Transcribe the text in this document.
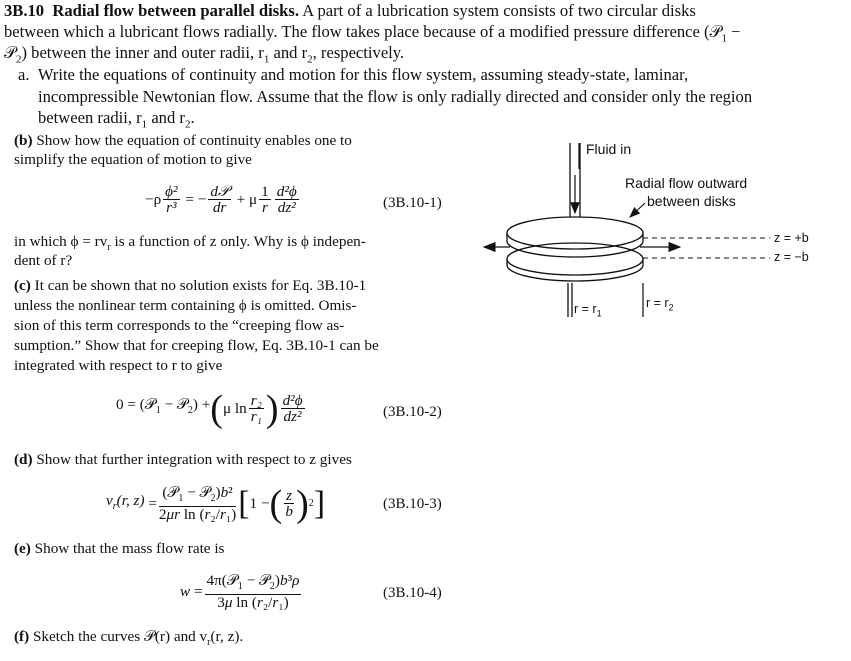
3B.10 Radial flow between parallel disks. A part of a lubrication system consists of two circular disks
between which a lubricant flows radially. The flow takes place because of a modified pressure difference (𝒫$_1$ −
𝒫$_2$) between the inner and outer radii, $r_1$ and $r_2$, respectively.
a. Write the equations of continuity and motion for this flow system, assuming steady-state, laminar,
incompressible Newtonian flow. Assume that the flow is only radially directed and consider only the region
between radii, $r_1$ and $r_2$.
(b) Show how the equation of continuity enables one to
simplify the equation of motion to give
$-\rho \frac{\text{ϕ²}}{\text{r³}}$ = − $\frac{\text{d𝒫}}{dr} + \mu \frac{1}{r} \frac{\text{d²ϕ}}{\text{dz²}}$	(3B.10-1)
in which $\phi = rv_r$ is a function of z only. Why is ϕ indepen-
dent of r?
(c) It can be shown that no solution exists for Eq. 3B.10-1
unless the nonlinear term containing ϕ is omitted. Omis-
sion of this term corresponds to the “creeping flow as-
sumption.” Show that for creeping flow, Eq. 3B.10-1 can be
integrated with respect to r to give
0 = (𝒫$_1$ − 𝒫$_2$) + ( μ $\ln \frac{\text{r₂}}{\text{r₁}}$ ) $\frac{\text{d²ϕ}}{\text{dz²}}$	(3B.10-2)
(d) Show that further integration with respect to z gives
$v_r(r$, $z) = \frac{(𝒫_1 - 𝒫_2)b^2}{\text{2μr ln (r₂/r₁)}}$ [ 1 − ( $\frac{z}{b}$ ) 2 ]	(3B.10-3)
(e) Show that the mass flow rate is
$w = \frac{4\pi(𝒫_1 - 𝒫_2)b^3\rho}{\text{3μ ln (r₂/r₁)}}$	(3B.10-4)
(f) Sketch the curves 𝒫(r) and $v_r(r$, z).
Fluid in
Radial flow outward
between disks
z = +b
z = −b
$r = r_1$
$r = r_2$
